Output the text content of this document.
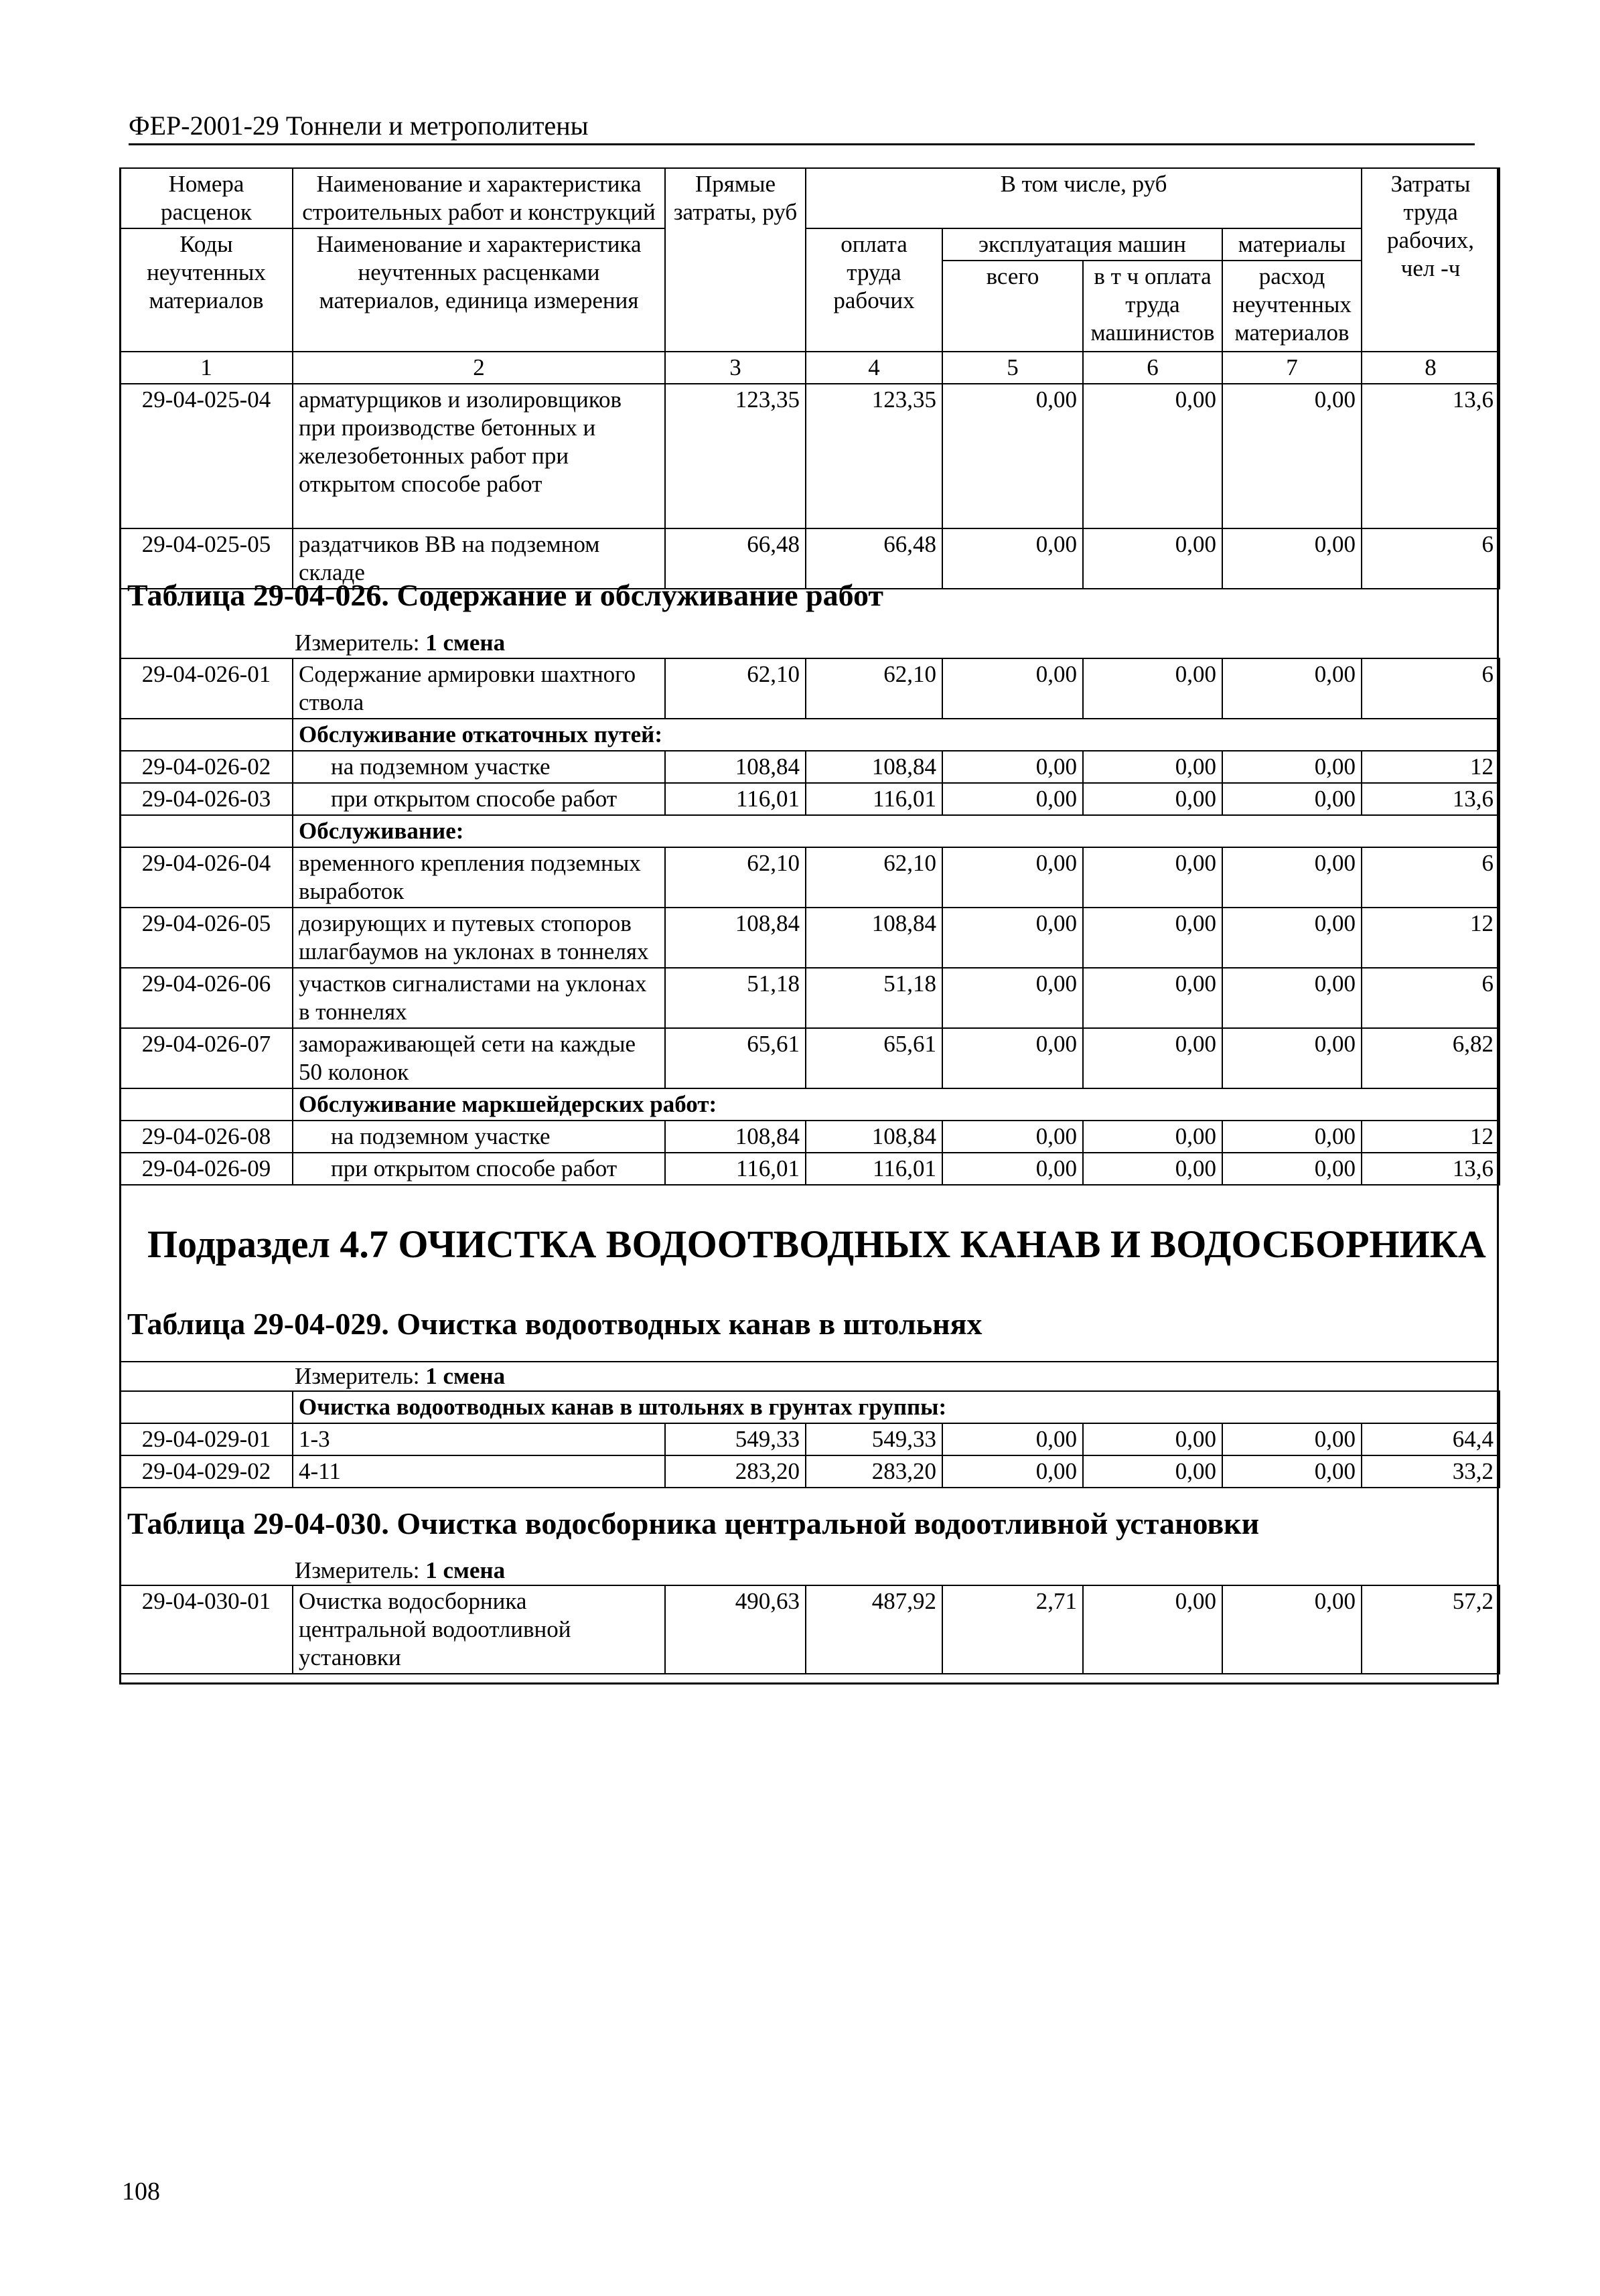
ФЕР-2001-29 Тоннели и метрополитены
Номера расценок	Наименование и характеристика строительных работ и конструкций	Прямые затраты, руб	В том числе, руб				Затраты труда рабочих, чел -ч
Коды неучтенных материалов	Наименование и характеристика неучтенных расценками материалов, единица измерения		оплата труда рабочих	эксплуатация машин		материалы	
				всего	в т ч оплата труда машинистов	расход неучтенных материалов	
1	2	3	4	5	6	7	8
29-04-025-04	арматурщиков и изолировщиков при производстве бетонных и железобетонных работ при открытом способе работ	123,35	123,35	0,00	0,00	0,00	13,6
29-04-025-05	раздатчиков ВВ на подземном складе	66,48	66,48	0,00	0,00	0,00	6
Таблица 29-04-026. Содержание и обслуживание работ
Измеритель: 1 смена
29-04-026-01	Содержание армировки шахтного ствола	62,10	62,10	0,00	0,00	0,00	6
	Обслуживание откаточных путей:						
29-04-026-02	на подземном участке	108,84	108,84	0,00	0,00	0,00	12
29-04-026-03	при открытом способе работ	116,01	116,01	0,00	0,00	0,00	13,6
	Обслуживание:						
29-04-026-04	временного крепления подземных выработок	62,10	62,10	0,00	0,00	0,00	6
29-04-026-05	дозирующих и путевых стопоров шлагбаумов на уклонах в тоннелях	108,84	108,84	0,00	0,00	0,00	12
29-04-026-06	участков сигналистами на уклонах в тоннелях	51,18	51,18	0,00	0,00	0,00	6
29-04-026-07	замораживающей сети на каждые 50 колонок	65,61	65,61	0,00	0,00	0,00	6,82
	Обслуживание маркшейдерских работ:						
29-04-026-08	на подземном участке	108,84	108,84	0,00	0,00	0,00	12
29-04-026-09	при открытом способе работ	116,01	116,01	0,00	0,00	0,00	13,6
Подраздел 4.7 ОЧИСТКА ВОДООТВОДНЫХ КАНАВ И ВОДОСБОРНИКА
Таблица 29-04-029. Очистка водоотводных канав в штольнях
Измеритель: 1 смена
	Очистка водоотводных канав в штольнях в грунтах группы:						
29-04-029-01	1-3	549,33	549,33	0,00	0,00	0,00	64,4
29-04-029-02	4-11	283,20	283,20	0,00	0,00	0,00	33,2
Таблица 29-04-030. Очистка водосборника центральной водоотливной установки
Измеритель: 1 смена
29-04-030-01	Очистка водосборника центральной водоотливной установки	490,63	487,92	2,71	0,00	0,00	57,2
108
